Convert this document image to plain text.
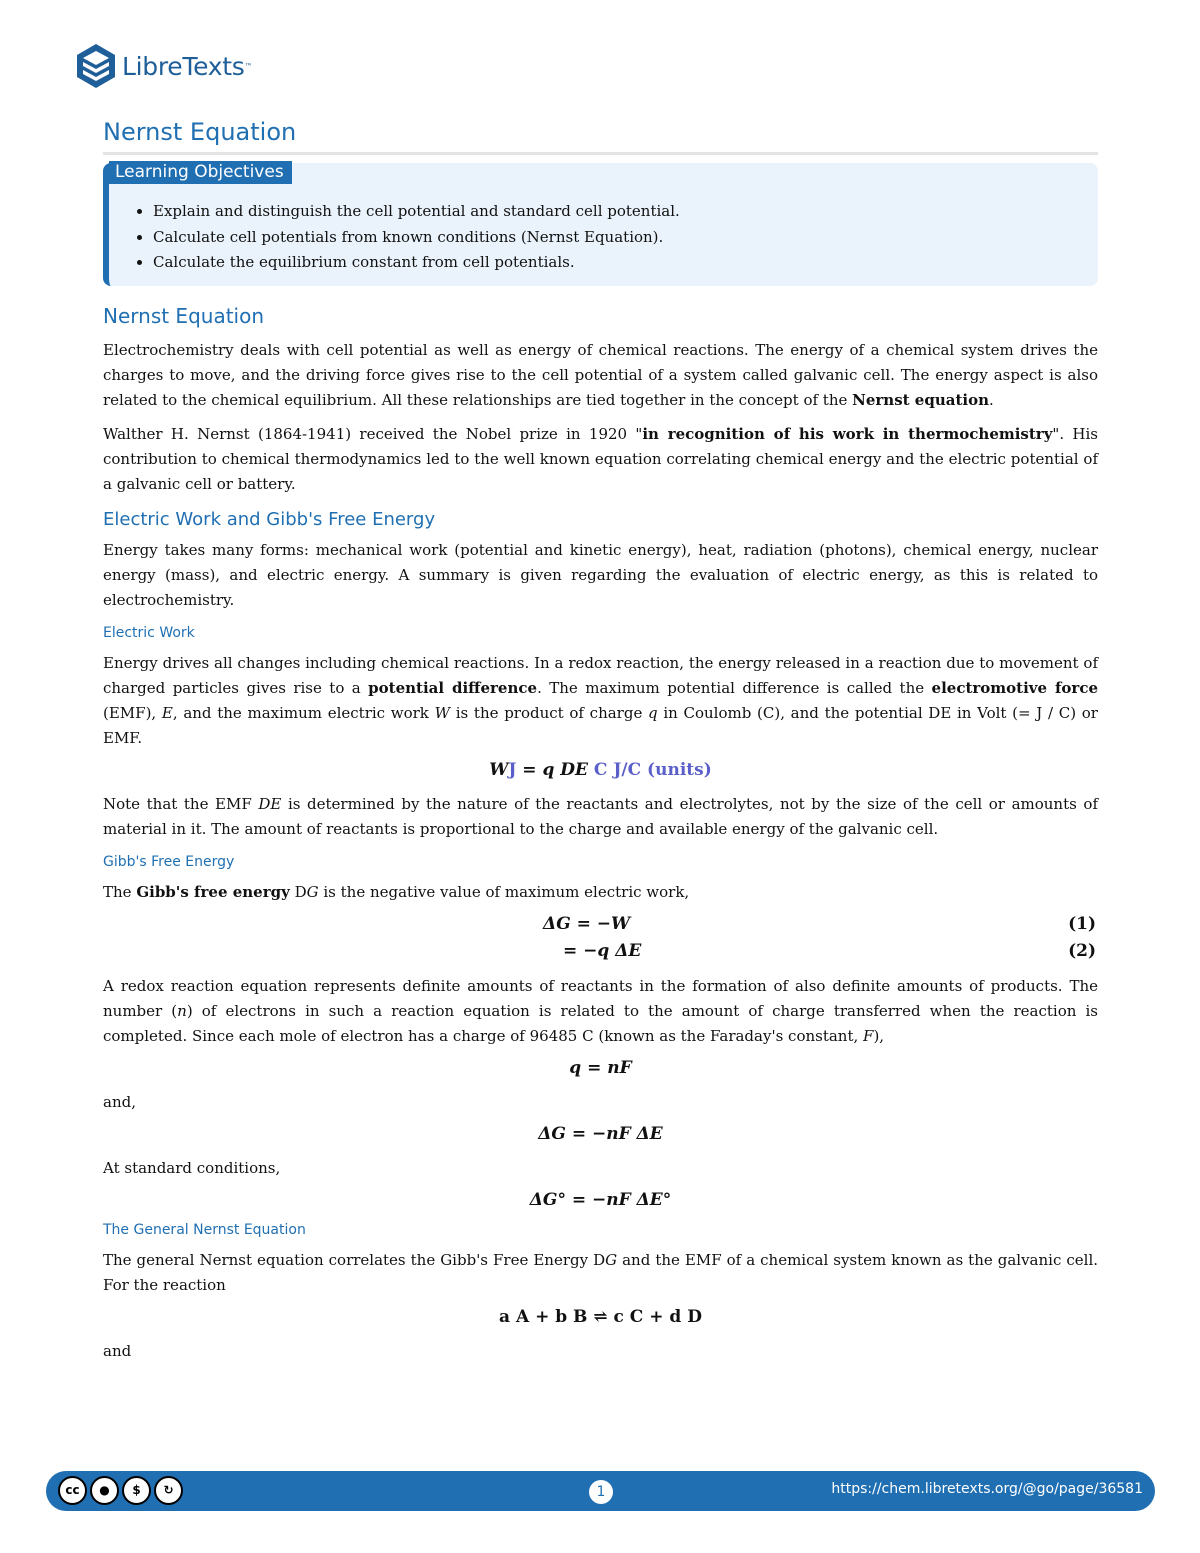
LibreTexts ™
Nernst Equation
Learning Objectives
• Explain and distinguish the cell potential and standard cell potential.
• Calculate cell potentials from known conditions (Nernst Equation).
• Calculate the equilibrium constant from cell potentials.
Nernst Equation

Electrochemistry deals with cell potential as well as energy of chemical reactions. The energy of a chemical system drives the charges to move, and the driving force gives rise to the cell potential of a system called galvanic cell. The energy aspect is also related to the chemical equilibrium. All these relationships are tied together in the concept of the Nernst equation.

Walther H. Nernst (1864-1941) received the Nobel prize in 1920 "in recognition of his work in thermochemistry". His contribution to chemical thermodynamics led to the well known equation correlating chemical energy and the electric potential of a galvanic cell or battery.

Electric Work and Gibb's Free Energy

Energy takes many forms: mechanical work (potential and kinetic energy), heat, radiation (photons), chemical energy, nuclear energy (mass), and electric energy. A summary is given regarding the evaluation of electric energy, as this is related to electrochemistry.

Electric Work

Energy drives all changes including chemical reactions. In a redox reaction, the energy released in a reaction due to movement of charged particles gives rise to a potential difference. The maximum potential difference is called the electromotive force (EMF), E, and the maximum electric work W is the product of charge q in Coulomb (C), and the potential DE in Volt (= J / C) or EMF.

WJ = q DE C J/C (units)

Note that the EMF DE is determined by the nature of the reactants and electrolytes, not by the size of the cell or amounts of material in it. The amount of reactants is proportional to the charge and available energy of the galvanic cell.

Gibb's Free Energy

The Gibb's free energy DG is the negative value of maximum electric work,

ΔG = −W	(1)
= −q ΔE	(2)

A redox reaction equation represents definite amounts of reactants in the formation of also definite amounts of products. The number (n) of electrons in such a reaction equation is related to the amount of charge transferred when the reaction is completed. Since each mole of electron has a charge of 96485 C (known as the Faraday's constant, F),

q = nF

and,

ΔG = −nF ΔE

At standard conditions,

ΔG° = −nF ΔE°
The General Nernst Equation

The general Nernst equation correlates the Gibb's Free Energy DG and the EMF of a chemical system known as the galvanic cell. For the reaction

a A + b B ⇌ c C + d D

and

cc	●	$	↻	1	https://chem.libretexts.org/@go/page/36581
